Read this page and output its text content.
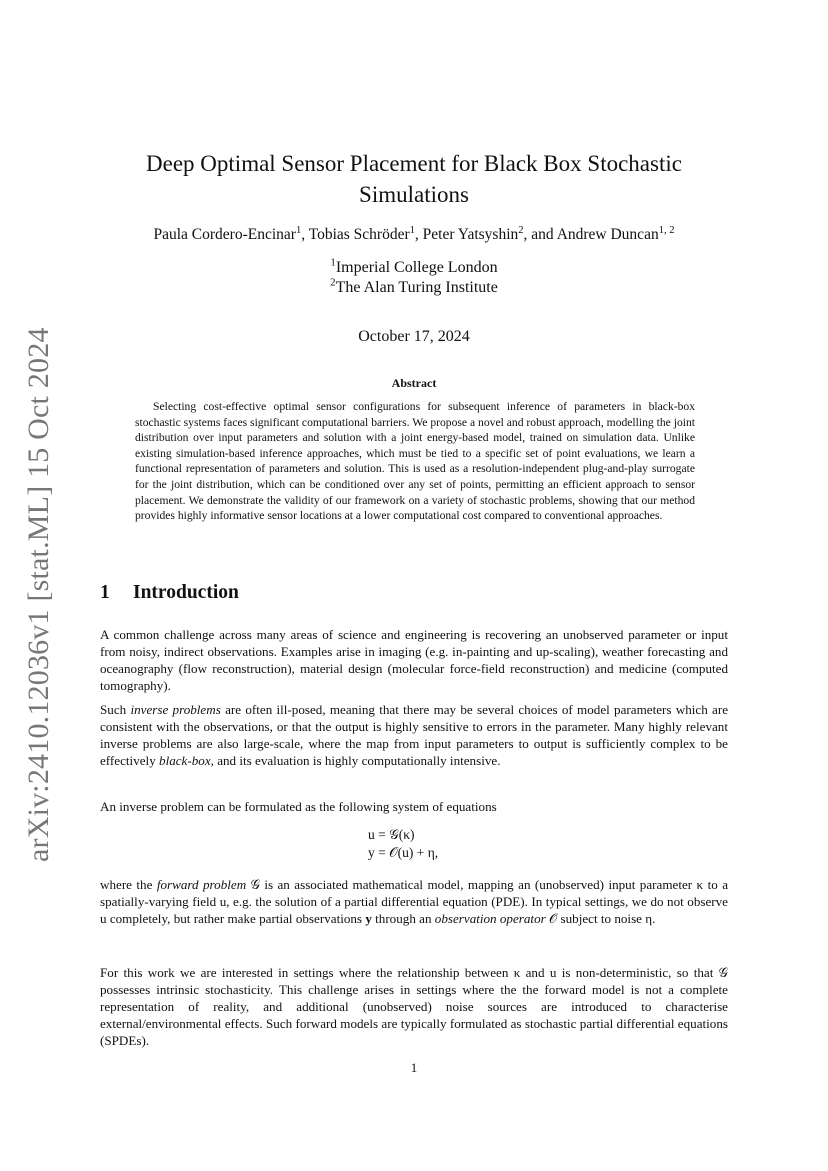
arXiv:2410.12036v1 [stat.ML] 15 Oct 2024
Deep Optimal Sensor Placement for Black Box Stochastic
Simulations
Paula Cordero-Encinar$^1$, Tobias Schröder$^1$, Peter Yatsyshin$^2$, and Andrew Duncan$^{1, 2}$
$^1$Imperial College London
$^2$The Alan Turing Institute
October 17, 2024
Abstract

Selecting cost-effective optimal sensor configurations for subsequent inference of parameters in black-box stochastic systems faces significant computational barriers. We propose a novel and robust approach, modelling the joint distribution over input parameters and solution with a joint energy-based model, trained on simulation data. Unlike existing simulation-based inference approaches, which must be tied to a specific set of point evaluations, we learn a functional representation of parameters and solution. This is used as a resolution-independent plug-and-play surrogate for the joint distribution, which can be conditioned over any set of points, permitting an efficient approach to sensor placement. We demonstrate the validity of our framework on a variety of stochastic problems, showing that our method provides highly informative sensor locations at a lower computational cost compared to conventional approaches.

1 Introduction

A common challenge across many areas of science and engineering is recovering an unobserved parameter or input from noisy, indirect observations. Examples arise in imaging (e.g. in-painting and up-scaling), weather forecasting and oceanography (flow reconstruction), material design (molecular force-field reconstruction) and medicine (computed tomography).

Such inverse problems are often ill-posed, meaning that there may be several choices of model parameters which are consistent with the observations, or that the output is highly sensitive to errors in the parameter. Many highly relevant inverse problems are also large-scale, where the map from input parameters to output is sufficiently complex to be effectively black-box, and its evaluation is highly computationally intensive.

An inverse problem can be formulated as the following system of equations

u = 𝒢(κ)
y = 𝒪(u) + η,

where the forward problem 𝒢 is an associated mathematical model, mapping an (unobserved) input parameter κ to a spatially-varying field u, e.g. the solution of a partial differential equation (PDE). In typical settings, we do not observe u completely, but rather make partial observations y through an observation operator 𝒪 subject to noise η.

For this work we are interested in settings where the relationship between κ and u is non-deterministic, so that 𝒢 possesses intrinsic stochasticity. This challenge arises in settings where the the forward model is not a complete representation of reality, and additional (unobserved) noise sources are introduced to characterise external/environmental effects. Such forward models are typically formulated as stochastic partial differential equations (SPDEs).

1
